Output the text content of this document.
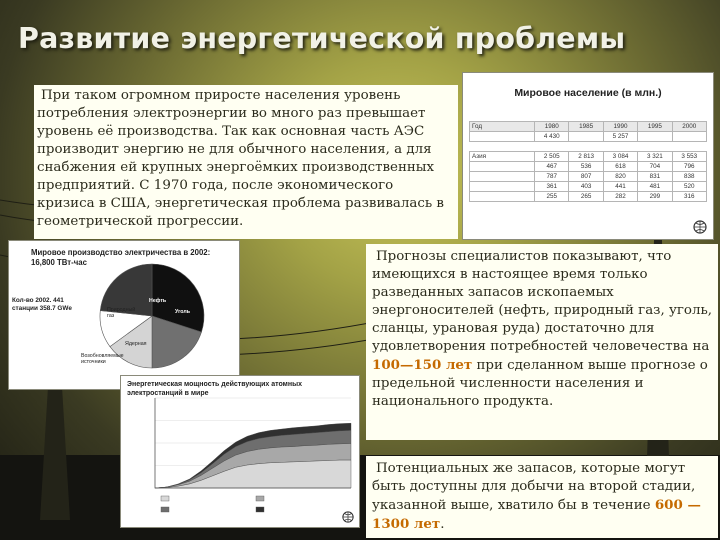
Развитие энергетической проблемы

При таком огромном приросте населения уровень потребления электроэнергии во много раз превышает уровень её производства. Так как основная часть АЭС производит энергию не для обычного населения, а для снабжения ей крупных энергоёмких производственных предприятий. С 1970 года, после экономического кризиса в США, энергетическая проблема развивалась в геометрической прогрессии.

Мировое население (в млн.)
Год	1980	1985	1990	1995	2000
	4 430		5 257		

Азия	2 505	2 813	3 084	3 321	3 553
	467	536	618	704	796
	787	807	820	831	838
	361	403	441	481	520
	255	265	282	299	316
Мировое производство электричества в 2002: 16,800 ТВт-час
Кол-во 2002. 441 станции 358.7 GWe	Уголь
Природный газ
Нефть
Возобновляемые источники
Ядерная
Энергетическая мощность действующих атомных электростанций в мире

Прогнозы специалистов показывают, что имеющихся в настоящее время только разведанных запасов ископаемых энергоносителей (нефть, природный газ, уголь, сланцы, урановая руда) достаточно для удовлетворения потребностей человечества на 100—150 лет при сделанном выше прогнозе о предельной численности населения и национального продукта.

Потенциальных же запасов, которые могут быть доступны для добычи на второй стадии, указанной выше, хватило бы в течение 600 —1300 лет.
